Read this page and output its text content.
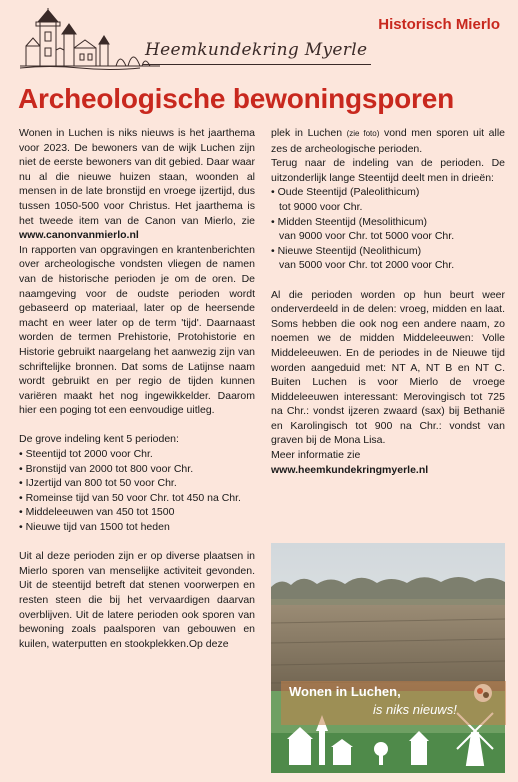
Heemkundekring Myerle
Historisch Mierlo
Archeologische bewoningsporen

Wonen in Luchen is niks nieuws is het jaarthema voor 2023. De bewoners van de wijk Luchen zijn niet de eerste bewoners van dit gebied. Daar waar nu al die nieuwe huizen staan, woonden al mensen in de late bronstijd en vroege ijzertijd, dus tussen 1050-500 voor Christus. Het jaarthema is het tweede item van de Canon van Mierlo, zie www.canonvanmierlo.nl

In rapporten van opgravingen en krantenberichten over archeologische vondsten vliegen de namen van de historische perioden je om de oren. De naamgeving voor de oudste perioden wordt gebaseerd op materiaal, later op de heersende macht en weer later op de term 'tijd'. Daarnaast worden de termen Prehistorie, Protohistorie en Historie gebruikt naargelang het aanwezig zijn van schriftelijke bronnen. Dat soms de Latijnse naam wordt gebruikt en per regio de tijden kunnen variëren maakt het nog ingewikkelder. Daarom hier een poging tot een eenvoudige uitleg.

De grove indeling kent 5 perioden:

• Steentijd tot 2000 voor Chr.
• Bronstijd van 2000 tot 800 voor Chr.
• IJzertijd van 800 tot 50 voor Chr.
• Romeinse tijd van 50 voor Chr. tot 450 na Chr.
• Middeleeuwen van 450 tot 1500
• Nieuwe tijd van 1500 tot heden

Uit al deze perioden zijn er op diverse plaatsen in Mierlo sporen van menselijke activiteit gevonden. Uit de steentijd betreft dat stenen voorwerpen en resten steen die bij het vervaardigen daarvan overblijven. Uit de latere perioden ook sporen van bewoning zoals paalsporen van gebouwen en kuilen, waterputten en stookplekken.Op deze

plek in Luchen (zie foto) vond men sporen uit alle zes de archeologische perioden.

Terug naar de indeling van de perioden. De uitzonderlijk lange Steentijd deelt men in drieën:

• Oude Steentijd (Paleolithicum)
tot 9000 voor Chr.
• Midden Steentijd (Mesolithicum)
van 9000 voor Chr. tot 5000 voor Chr.
• Nieuwe Steentijd (Neolithicum)
van 5000 voor Chr. tot 2000 voor Chr.

Al die perioden worden op hun beurt weer onderverdeeld in de delen: vroeg, midden en laat. Soms hebben die ook nog een andere naam, zo noemen we de midden Middeleeuwen: Volle Middeleeuwen. En de periodes in de Nieuwe tijd worden aangeduid met: NT A, NT B en NT C. Buiten Luchen is voor Mierlo de vroege Middeleeuwen interessant: Merovingisch tot 725 na Chr.: vondst ijzeren zwaard (sax) bij Bethanië en Karolingisch tot 900 na Chr.: vondst van graven bij de Mona Lisa.

Meer informatie zie

www.heemkundekringmyerle.nl

Wonen in Luchen,
is niks nieuws!
